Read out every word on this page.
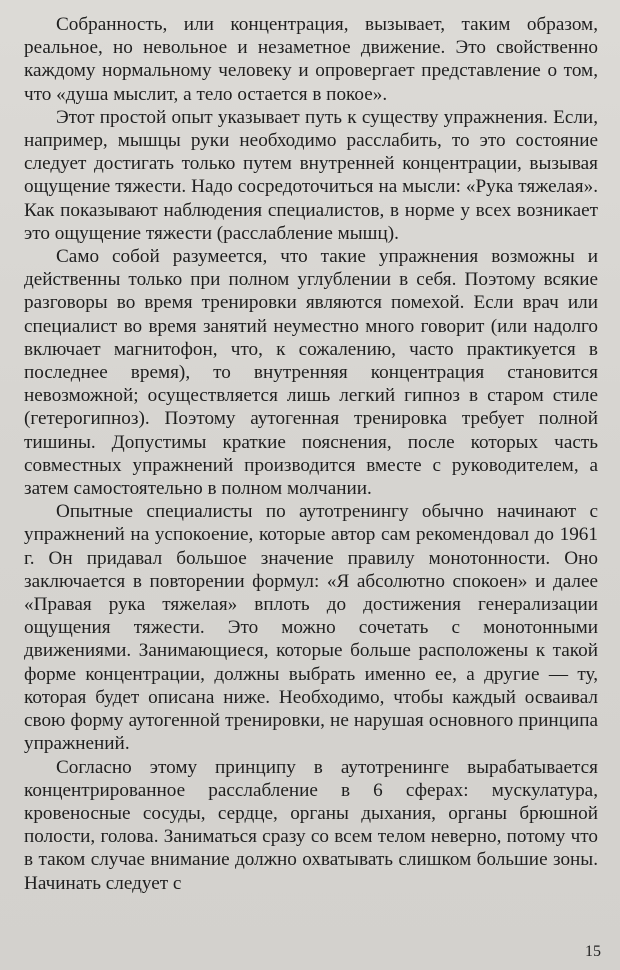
Собранность, или концентрация, вызывает, таким образом, реальное, но невольное и незаметное движение. Это свойственно каждому нормальному человеку и опровергает представление о том, что «душа мыслит, а тело остается в покое».

Этот простой опыт указывает путь к существу упражнения. Если, например, мышцы руки необходимо расслабить, то это состояние следует достигать только путем внутренней концентрации, вызывая ощущение тяжести. Надо сосредоточиться на мысли: «Рука тяжелая». Как показывают наблюдения специалистов, в норме у всех возникает это ощущение тяжести (расслабление мышц).

Само собой разумеется, что такие упражнения возможны и действенны только при полном углублении в себя. Поэтому всякие разговоры во время тренировки являются помехой. Если врач или специалист во время занятий неуместно много говорит (или надолго включает магнитофон, что, к сожалению, часто практикуется в последнее время), то внутренняя концентрация становится невозможной; осуществляется лишь легкий гипноз в старом стиле (гетерогипноз). Поэтому аутогенная тренировка требует полной тишины. Допустимы краткие пояснения, после которых часть совместных упражнений производится вместе с руководителем, а затем самостоятельно в полном молчании.

Опытные специалисты по аутотренингу обычно начинают с упражнений на успокоение, которые автор сам рекомендовал до 1961 г. Он придавал большое значение правилу монотонности. Оно заключается в повторении формул: «Я абсолютно спокоен» и далее «Правая рука тяжелая» вплоть до достижения генерализации ощущения тяжести. Это можно сочетать с монотонными движениями. Занимающиеся, которые больше расположены к такой форме концентрации, должны выбрать именно ее, а другие — ту, которая будет описана ниже. Необходимо, чтобы каждый осваивал свою форму аутогенной тренировки, не нарушая основного принципа упражнений.

Согласно этому принципу в аутотренинге вырабатывается концентрированное расслабление в 6 сферах: мускулатура, кровеносные сосуды, сердце, органы дыхания, органы брюшной полости, голова. Заниматься сразу со всем телом неверно, потому что в таком случае внимание должно охватывать слишком большие зоны. Начинать следует с

15
